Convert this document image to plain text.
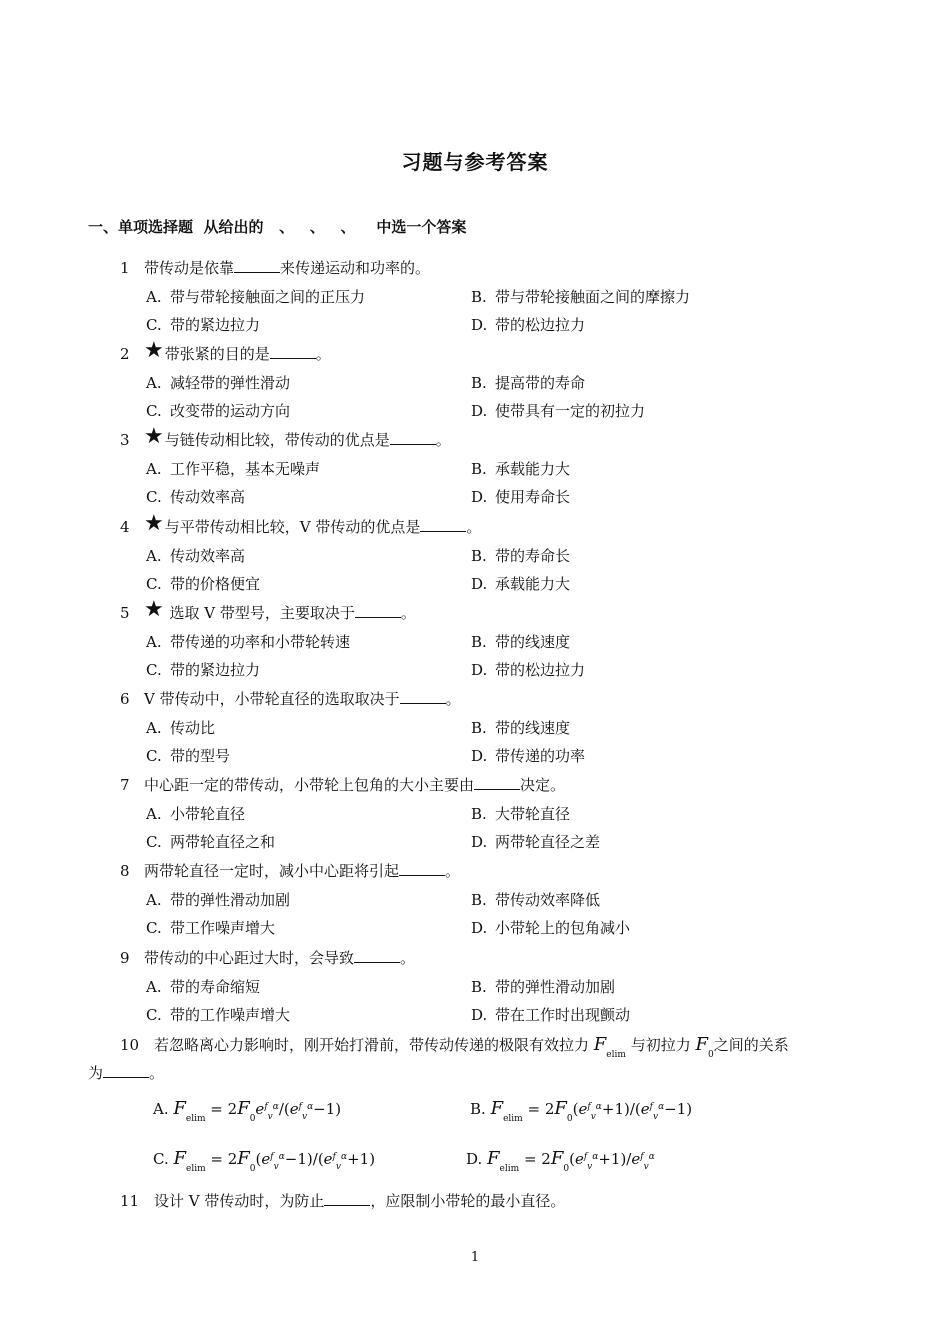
习题与参考答案
一、单项选择题  从给出的   、   、   、    中选一个答案
1 带传动是依靠	来传递运动和功率的。
A. 带与带轮接触面之间的正压力	B. 带与带轮接触面之间的摩擦力
C. 带的紧边拉力	D. 带的松边拉力
2 ★带张紧的目的是	。
A. 减轻带的弹性滑动	B. 提高带的寿命
C. 改变带的运动方向	D. 使带具有一定的初拉力
3 ★与链传动相比较，带传动的优点是	。
A. 工作平稳，基本无噪声	B. 承载能力大
C. 传动效率高	D. 使用寿命长
4 ★与平带传动相比较，V 带传动的优点是	。
A. 传动效率高	B. 带的寿命长
C. 带的价格便宜	D. 承载能力大
5 ★ 选取 V 带型号，主要取决于	。
A. 带传递的功率和小带轮转速	B. 带的线速度
C. 带的紧边拉力	D. 带的松边拉力
6 V 带传动中，小带轮直径的选取取决于	。
A. 传动比	B. 带的线速度
C. 带的型号	D. 带传递的功率
7 中心距一定的带传动，小带轮上包角的大小主要由	决定。
A. 小带轮直径	B. 大带轮直径
C. 两带轮直径之和	D. 两带轮直径之差
8 两带轮直径一定时，减小中心距将引起	。
A. 带的弹性滑动加剧	B. 带传动效率降低
C. 带工作噪声增大	D. 小带轮上的包角减小
9 带传动的中心距过大时，会导致	。
A. 带的寿命缩短	B. 带的弹性滑动加剧
C. 带的工作噪声增大	D. 带在工作时出现颤动
10 若忽略离心力影响时，刚开始打滑前，带传动传递的极限有效拉力 $F_{elim}$ 与初拉力 $F_0$之间的关系
为	。
A. $F_{elim} = 2F_0e^f_v^\alpha/(e^f_v^\alpha-1)$	B. $F_{elim} = 2F_0(e^f_v^\alpha+1)/(e^f_v^\alpha-1)$
C. $F_{elim} = 2F_0(e^f_v^\alpha-1)/(e^f_v^\alpha+1)$	D. $F_{elim} = 2F_0(e^f_v^\alpha+1)/e^f_v^\alpha$
11 设计 V 带传动时，为防止	，应限制小带轮的最小直径。
1
